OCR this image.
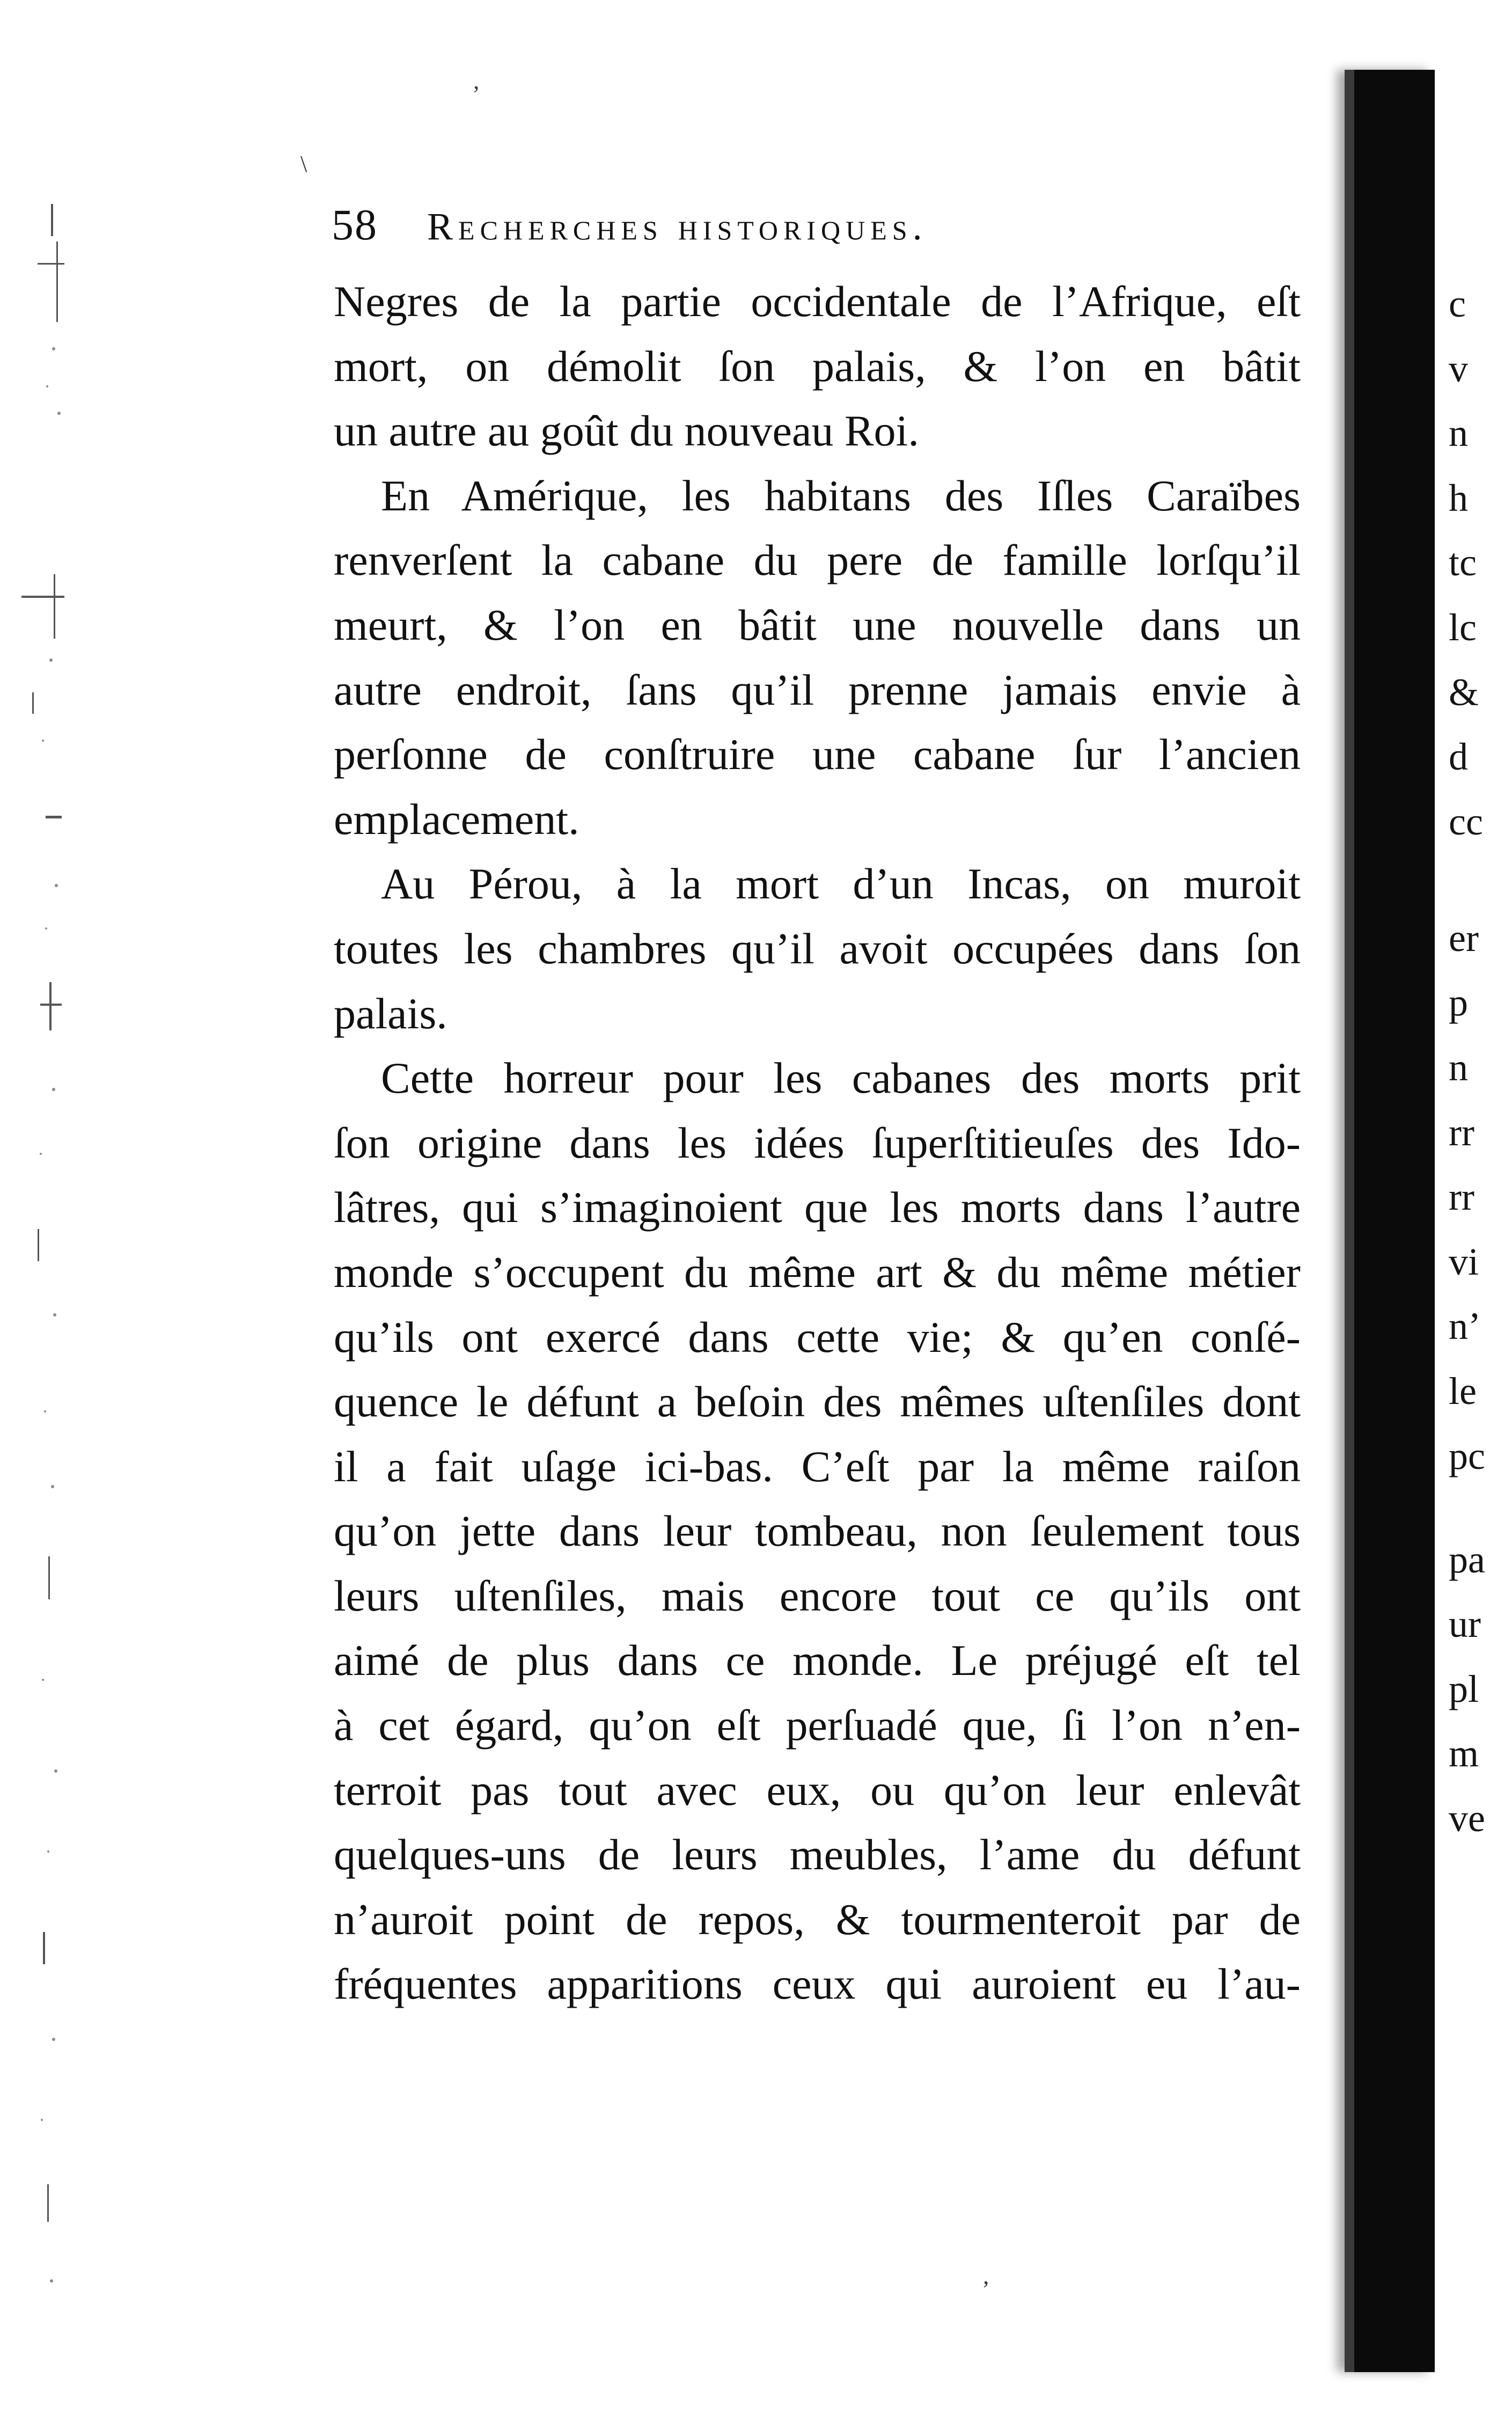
58 Recherches historiques.
Negres de la partie occidentale de l’Afrique, eſt
mort, on démolit ſon palais, & l’on en bâtit
un autre au goût du nouveau Roi.
En Amérique, les habitans des Iſles Caraïbes
renverſent la cabane du pere de famille lorſqu’il
meurt, & l’on en bâtit une nouvelle dans un
autre endroit, ſans qu’il prenne jamais envie à
perſonne de conſtruire une cabane ſur l’ancien
emplacement.
Au Pérou, à la mort d’un Incas, on muroit
toutes les chambres qu’il avoit occupées dans ſon
palais.
Cette horreur pour les cabanes des morts prit
ſon origine dans les idées ſuperſtitieuſes des Ido-
lâtres, qui s’imaginoient que les morts dans l’autre
monde s’occupent du même art & du même métier
qu’ils ont exercé dans cette vie; & qu’en conſé-
quence le défunt a beſoin des mêmes uſtenſiles dont
il a fait uſage ici-bas. C’eſt par la même raiſon
qu’on jette dans leur tombeau, non ſeulement tous
leurs uſtenſiles, mais encore tout ce qu’ils ont
aimé de plus dans ce monde. Le préjugé eſt tel
à cet égard, qu’on eſt perſuadé que, ſi l’on n’en-
terroit pas tout avec eux, ou qu’on leur enlevât
quelques-uns de leurs meubles, l’ame du défunt
n’auroit point de repos, & tourmenteroit par de
fréquentes apparitions ceux qui auroient eu l’au-
c
v
n
h
tc
lc
&
d
cc
er
p
n
rr
rr
vi
n’
le
pc
pa
ur
pl
m
ve
’
\
’
